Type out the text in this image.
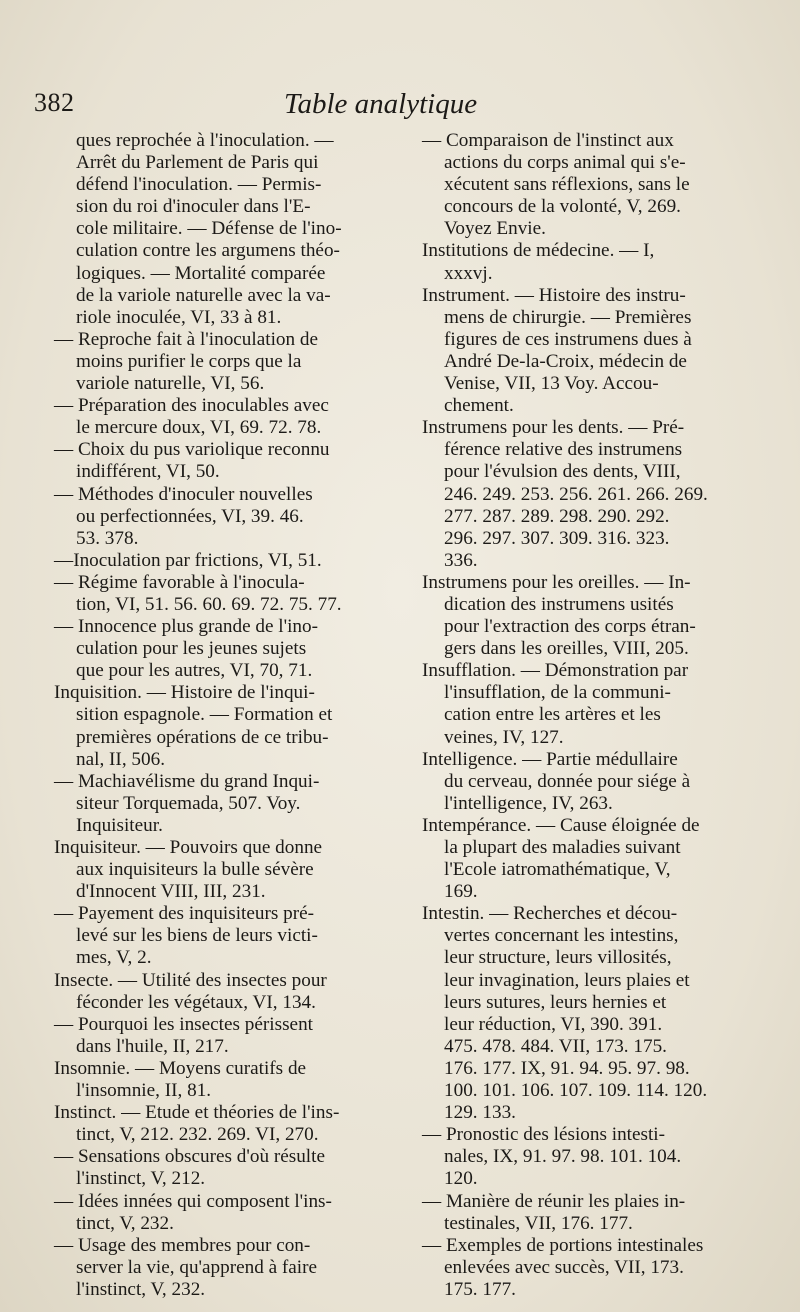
382	Table analytique
ques reprochée à l'inoculation. —
Arrêt du Parlement de Paris qui
défend l'inoculation. — Permis-
sion du roi d'inoculer dans l'E-
cole militaire. — Défense de l'ino-
culation contre les argumens théo-
logiques. — Mortalité comparée
de la variole naturelle avec la va-
riole inoculée, VI, 33 à 81.
— Reproche fait à l'inoculation de
moins purifier le corps que la
variole naturelle, VI, 56.
— Préparation des inoculables avec
le mercure doux, VI, 69. 72. 78.
— Choix du pus variolique reconnu
indifférent, VI, 50.
— Méthodes d'inoculer nouvelles
ou perfectionnées, VI, 39. 46.
53. 378.
—Inoculation par frictions, VI, 51.
— Régime favorable à l'inocula-
tion, VI, 51. 56. 60. 69. 72. 75. 77.
— Innocence plus grande de l'ino-
culation pour les jeunes sujets
que pour les autres, VI, 70, 71.
Inquisition. — Histoire de l'inqui-
sition espagnole. — Formation et
premières opérations de ce tribu-
nal, II, 506.
— Machiavélisme du grand Inqui-
siteur Torquemada, 507. Voy.
Inquisiteur.
Inquisiteur. — Pouvoirs que donne
aux inquisiteurs la bulle sévère
d'Innocent VIII, III, 231.
— Payement des inquisiteurs pré-
levé sur les biens de leurs victi-
mes, V, 2.
Insecte. — Utilité des insectes pour
féconder les végétaux, VI, 134.
— Pourquoi les insectes périssent
dans l'huile, II, 217.
Insomnie. — Moyens curatifs de
l'insomnie, II, 81.
Instinct. — Etude et théories de l'ins-
tinct, V, 212. 232. 269. VI, 270.
— Sensations obscures d'où résulte
l'instinct, V, 212.
— Idées innées qui composent l'ins-
tinct, V, 232.
— Usage des membres pour con-
server la vie, qu'apprend à faire
l'instinct, V, 232.
— Comparaison de l'instinct aux
actions du corps animal qui s'e-
xécutent sans réflexions, sans le
concours de la volonté, V, 269.
Voyez Envie.
Institutions de médecine. — I,
xxxvj.
Instrument. — Histoire des instru-
mens de chirurgie. — Premières
figures de ces instrumens dues à
André De-la-Croix, médecin de
Venise, VII, 13 Voy. Accou-
chement.
Instrumens pour les dents. — Pré-
férence relative des instrumens
pour l'évulsion des dents, VIII,
246. 249. 253. 256. 261. 266. 269.
277. 287. 289. 298. 290. 292.
296. 297. 307. 309. 316. 323.
336.
Instrumens pour les oreilles. — In-
dication des instrumens usités
pour l'extraction des corps étran-
gers dans les oreilles, VIII, 205.
Insufflation. — Démonstration par
l'insufflation, de la communi-
cation entre les artères et les
veines, IV, 127.
Intelligence. — Partie médullaire
du cerveau, donnée pour siége à
l'intelligence, IV, 263.
Intempérance. — Cause éloignée de
la plupart des maladies suivant
l'Ecole iatromathématique, V,
169.
Intestin. — Recherches et décou-
vertes concernant les intestins,
leur structure, leurs villosités,
leur invagination, leurs plaies et
leurs sutures, leurs hernies et
leur réduction, VI, 390. 391.
475. 478. 484. VII, 173. 175.
176. 177. IX, 91. 94. 95. 97. 98.
100. 101. 106. 107. 109. 114. 120.
129. 133.
— Pronostic des lésions intesti-
nales, IX, 91. 97. 98. 101. 104.
120.
— Manière de réunir les plaies in-
testinales, VII, 176. 177.
— Exemples de portions intestinales
enlevées avec succès, VII, 173.
175. 177.
